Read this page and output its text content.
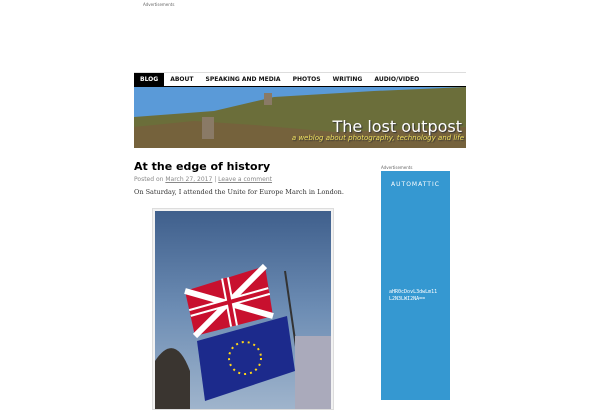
Advertisements
BLOG	ABOUT	SPEAKING AND MEDIA	PHOTOS	WRITING	AUDIO/VIDEO
The lost outpost
a weblog about photography, technology and life
At the edge of history
Posted on March 27, 2017 | Leave a comment
On Saturday, I attended the Unite for Europe March in London.
Advertisements
AUTOMATTIC
aHR0cDovL3dwLm11
L2N3LWI2NA==
